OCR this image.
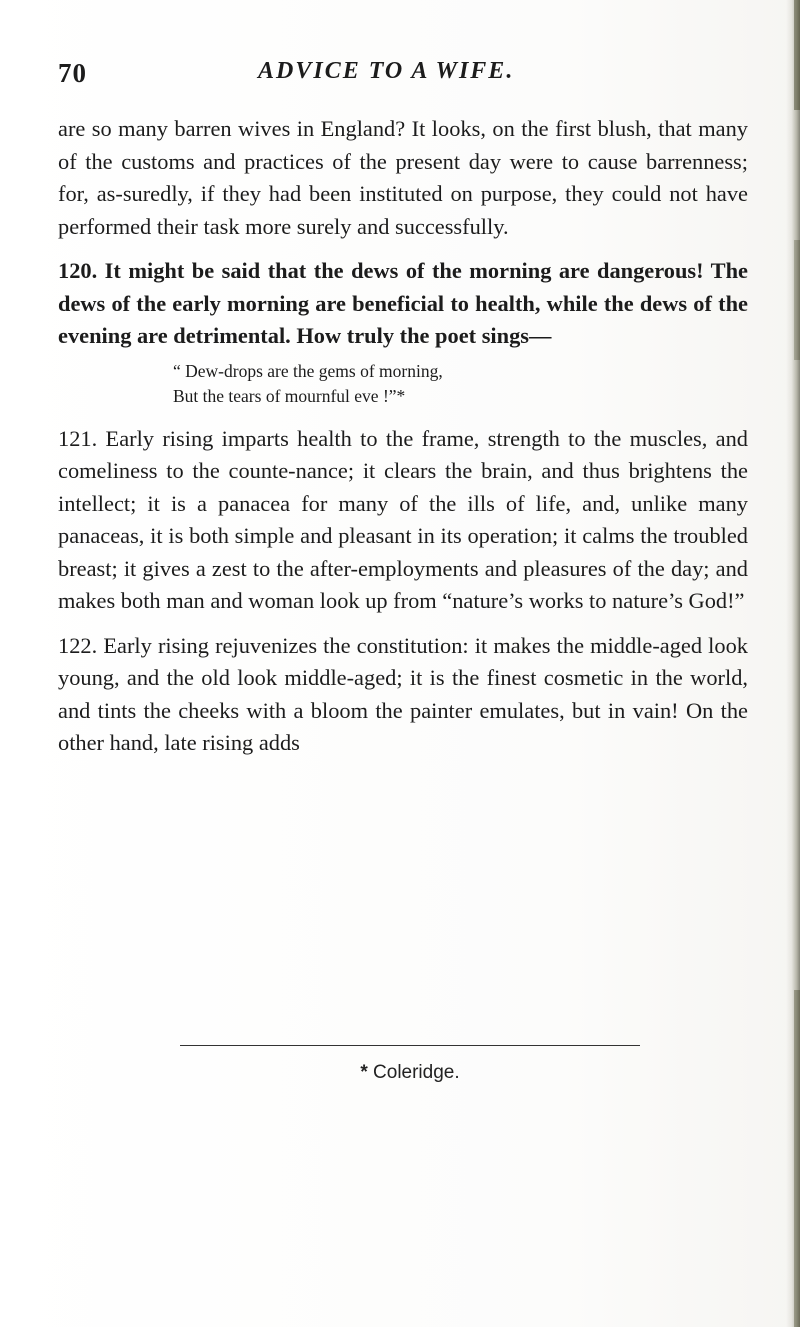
70	ADVICE TO A WIFE.

are so many barren wives in England? It looks, on the first blush, that many of the customs and practices of the present day were to cause barrenness; for, as-suredly, if they had been instituted on purpose, they could not have performed their task more surely and successfully.

120. It might be said that the dews of the morning are dangerous! The dews of the early morning are beneficial to health, while the dews of the evening are detrimental. How truly the poet sings—

“ Dew-drops are the gems of morning,
But the tears of mournful eve !”*

121. Early rising imparts health to the frame, strength to the muscles, and comeliness to the counte-nance; it clears the brain, and thus brightens the intellect; it is a panacea for many of the ills of life, and, unlike many panaceas, it is both simple and pleasant in its operation; it calms the troubled breast; it gives a zest to the after-employments and pleasures of the day; and makes both man and woman look up from “nature’s works to nature’s God!”

122. Early rising rejuvenizes the constitution: it makes the middle-aged look young, and the old look middle-aged; it is the finest cosmetic in the world, and tints the cheeks with a bloom the painter emulates, but in vain! On the other hand, late rising adds

* Coleridge.
